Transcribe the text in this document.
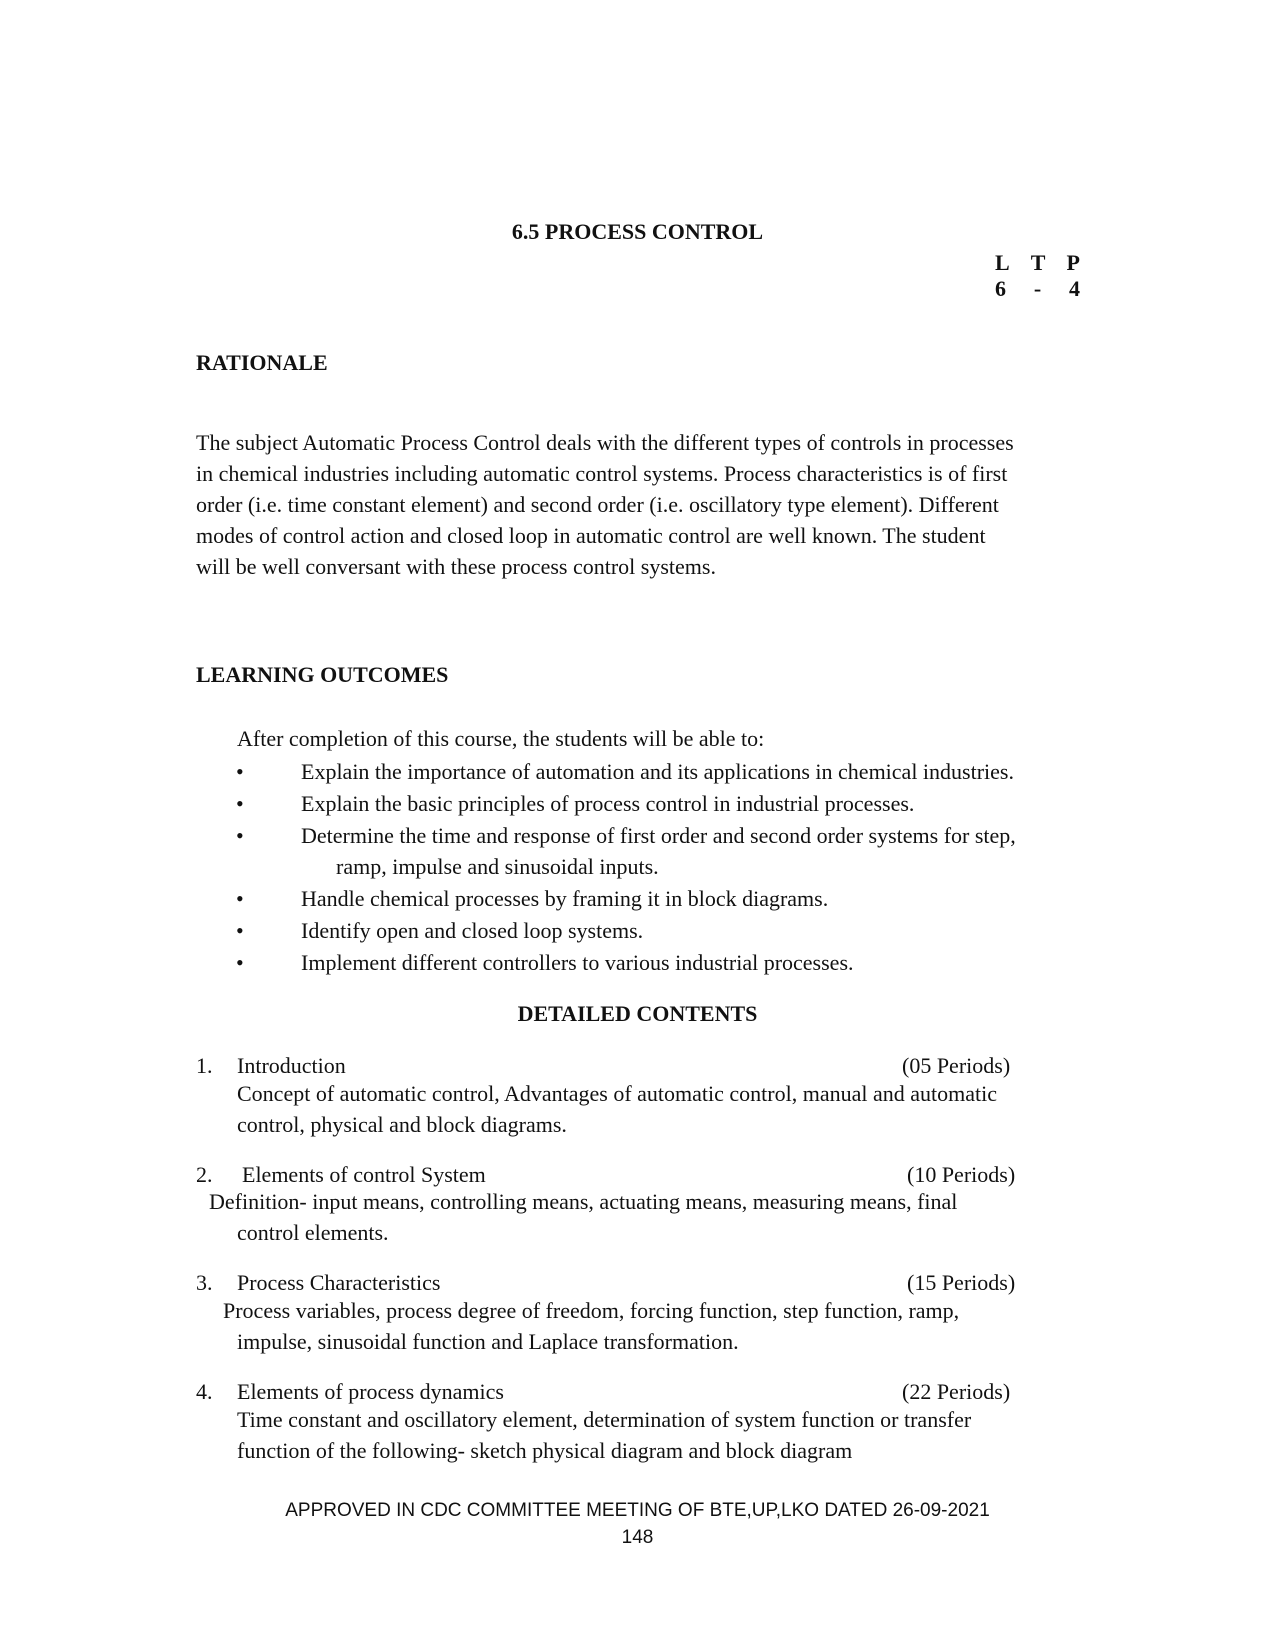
6.5 PROCESS CONTROL
L T P
6 - 4
RATIONALE
The subject Automatic Process Control deals with the different types of controls in processes
in chemical industries including automatic control systems. Process characteristics is of first
order (i.e. time constant element) and second order (i.e. oscillatory type element). Different
modes of control action and closed loop in automatic control are well known. The student
will be well conversant with these process control systems.
LEARNING OUTCOMES
After completion of this course, the students will be able to:
•	Explain the importance of automation and its applications in chemical industries.
•	Explain the basic principles of process control in industrial processes.
•	Determine the time and response of first order and second order systems for step,
ramp, impulse and sinusoidal inputs.
•	Handle chemical processes by framing it in block diagrams.
•	Identify open and closed loop systems.
•	Implement different controllers to various industrial processes.
DETAILED CONTENTS
1. Introduction	(05 Periods)
Concept of automatic control, Advantages of automatic control, manual and automatic
control, physical and block diagrams.
2. Elements of control System	(10 Periods)
Definition- input means, controlling means, actuating means, measuring means, final
control elements.
3. Process Characteristics	(15 Periods)
Process variables, process degree of freedom, forcing function, step function, ramp,
impulse, sinusoidal function and Laplace transformation.
4. Elements of process dynamics	(22 Periods)
Time constant and oscillatory element, determination of system function or transfer
function of the following- sketch physical diagram and block diagram
APPROVED IN CDC COMMITTEE MEETING OF BTE,UP,LKO DATED 26-09-2021
148
